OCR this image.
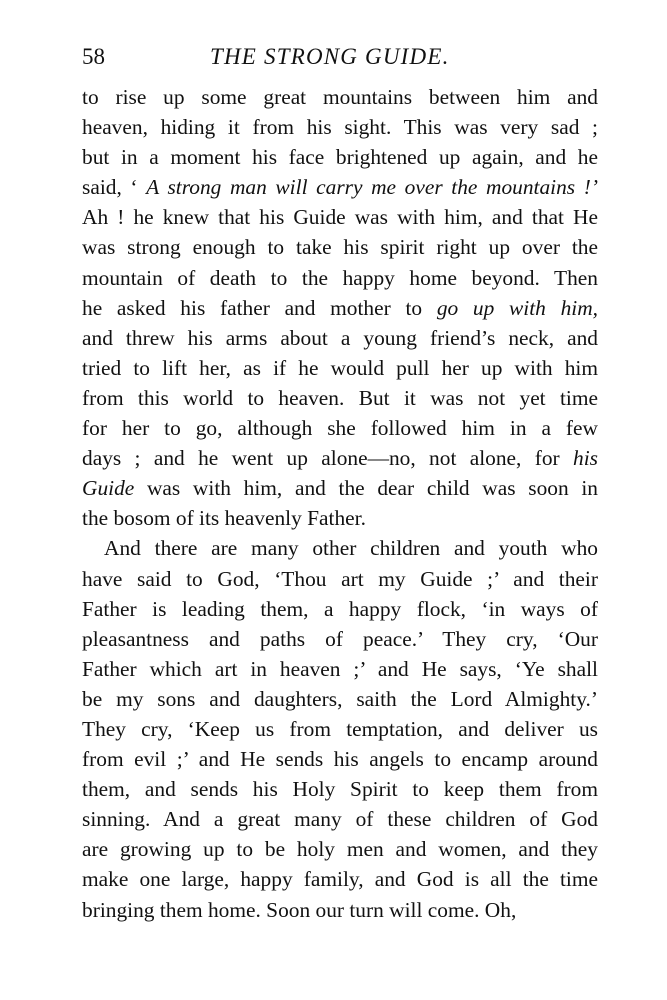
58	THE STRONG GUIDE.
to rise up some great mountains between him and
heaven, hiding it from his sight. This was very sad ;
but in a moment his face brightened up again, and he
said, ‘ A strong man will carry me over the mountains !’
Ah ! he knew that his Guide was with him, and that He
was strong enough to take his spirit right up over the
mountain of death to the happy home beyond. Then
he asked his father and mother to go up with him,
and threw his arms about a young friend’s neck, and
tried to lift her, as if he would pull her up with him
from this world to heaven. But it was not yet time
for her to go, although she followed him in a few
days ; and he went up alone—no, not alone, for his
Guide was with him, and the dear child was soon in
the bosom of its heavenly Father.
And there are many other children and youth who
have said to God, ‘Thou art my Guide ;’ and their
Father is leading them, a happy flock, ‘in ways of
pleasantness and paths of peace.’ They cry, ‘Our
Father which art in heaven ;’ and He says, ‘Ye shall
be my sons and daughters, saith the Lord Almighty.’
They cry, ‘Keep us from temptation, and deliver us
from evil ;’ and He sends his angels to encamp around
them, and sends his Holy Spirit to keep them from
sinning. And a great many of these children of God
are growing up to be holy men and women, and they
make one large, happy family, and God is all the time
bringing them home. Soon our turn will come. Oh,
